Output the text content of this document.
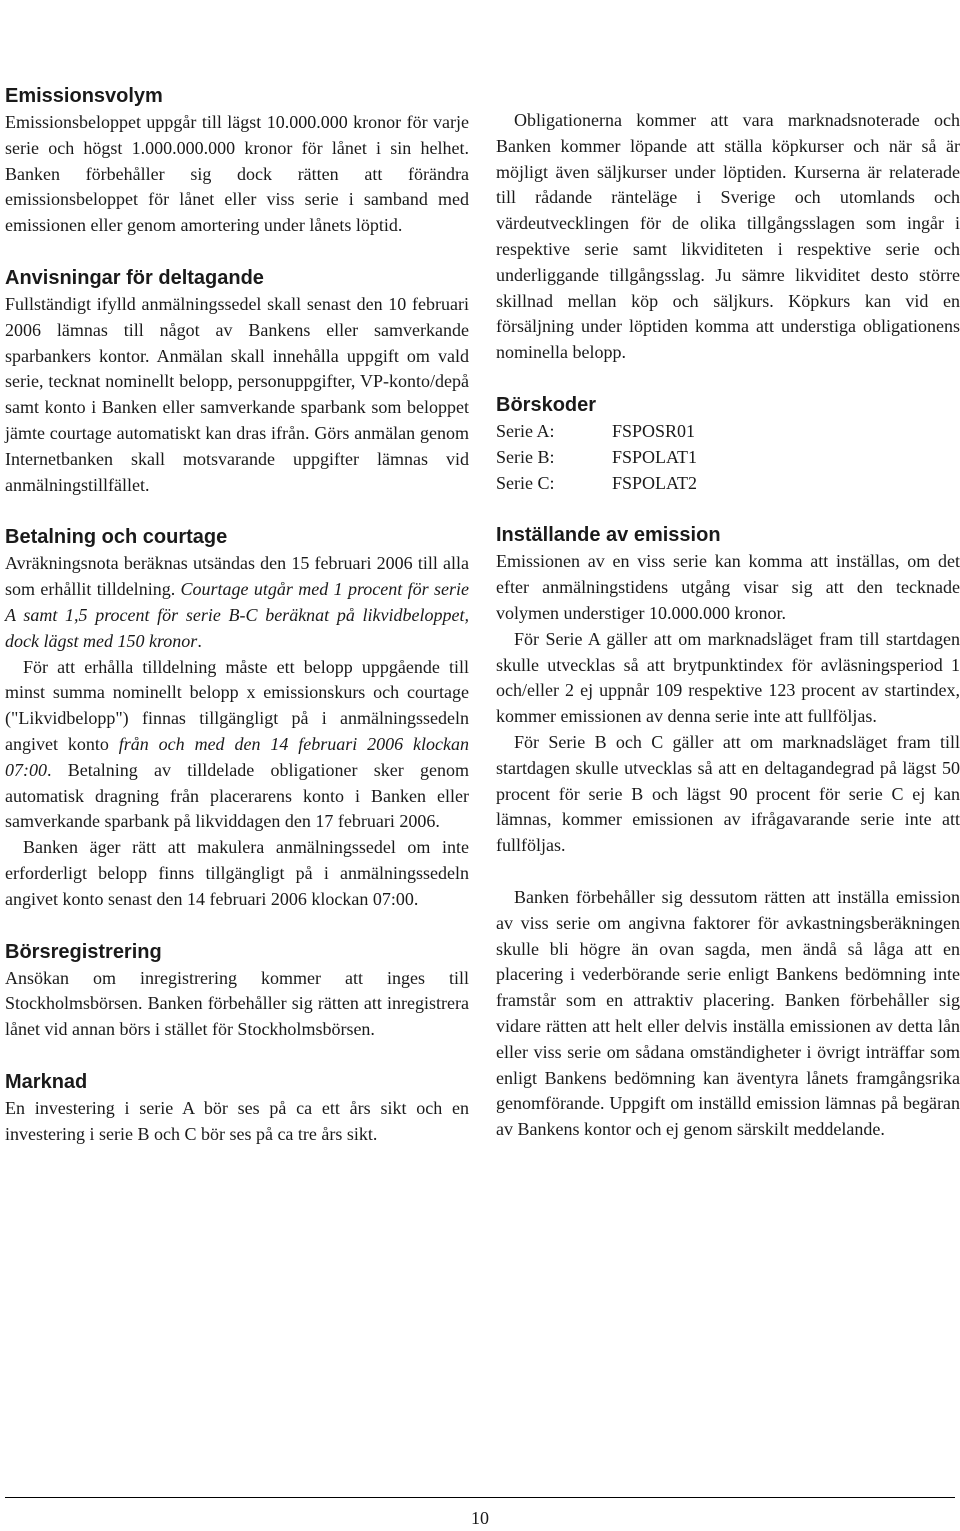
Emissionsvolym

Emissionsbeloppet uppgår till lägst 10.000.000 kronor för varje serie och högst 1.000.000.000 kronor för lånet i sin helhet. Banken förbehåller sig dock rätten att förändra emissionsbeloppet för lånet eller viss serie i samband med emissionen eller genom amortering under lånets löptid.

Anvisningar för deltagande

Fullständigt ifylld anmälningssedel skall senast den 10 februari 2006 lämnas till något av Bankens eller samverkande sparbankers kontor. Anmälan skall innehålla uppgift om vald serie, tecknat nominellt belopp, personuppgifter, VP-konto/depå samt konto i Banken eller samverkande sparbank som beloppet jämte courtage automatiskt kan dras ifrån. Görs anmälan genom Internetbanken skall motsvarande uppgifter lämnas vid anmälningstillfället.

Betalning och courtage

Avräkningsnota beräknas utsändas den 15 februari 2006 till alla som erhållit tilldelning. Courtage utgår med 1 procent för serie A samt 1,5 procent för serie B-C beräknat på likvidbeloppet, dock lägst med 150 kronor.

För att erhålla tilldelning måste ett belopp uppgående till minst summa nominellt belopp x emissionskurs och courtage ("Likvidbelopp") finnas tillgängligt på i anmälningssedeln angivet konto från och med den 14 februari 2006 klockan 07:00. Betalning av tilldelade obligationer sker genom automatisk dragning från placerarens konto i Banken eller samverkande sparbank på likviddagen den 17 februari 2006.

Banken äger rätt att makulera anmälningssedel om inte erforderligt belopp finns tillgängligt på i anmälningssedeln angivet konto senast den 14 februari 2006 klockan 07:00.

Börsregistrering

Ansökan om inregistrering kommer att inges till Stockholmsbörsen. Banken förbehåller sig rätten att inregistrera lånet vid annan börs i stället för Stockholmsbörsen.

Marknad

En investering i serie A bör ses på ca ett års sikt och en investering i serie B och C bör ses på ca tre års sikt.

Obligationerna kommer att vara marknadsnoterade och Banken kommer löpande att ställa köpkurser och när så är möjligt även säljkurser under löptiden. Kurserna är relaterade till rådande ränteläge i Sverige och utomlands och värdeutvecklingen för de olika tillgångsslagen som ingår i respektive serie samt likviditeten i respektive serie och underliggande tillgångsslag. Ju sämre likviditet desto större skillnad mellan köp och säljkurs. Köpkurs kan vid en försäljning under löptiden komma att understiga obligationens nominella belopp.

Börskoder
Serie A:	FSPOSR01
Serie B:	FSPOLAT1
Serie C:	FSPOLAT2
Inställande av emission

Emissionen av en viss serie kan komma att inställas, om det efter anmälningstidens utgång visar sig att den tecknade volymen understiger 10.000.000 kronor.

För Serie A gäller att om marknadsläget fram till startdagen skulle utvecklas så att brytpunktindex för avläsningsperiod 1 och/eller 2 ej uppnår 109 respektive 123 procent av startindex, kommer emissionen av denna serie inte att fullföljas.

För Serie B och C gäller att om marknadsläget fram till startdagen skulle utvecklas så att en deltagandegrad på lägst 50 procent för serie B och lägst 90 procent för serie C ej kan lämnas, kommer emissionen av ifrågavarande serie inte att fullföljas.

Banken förbehåller sig dessutom rätten att inställa emission av viss serie om angivna faktorer för avkastningsberäkningen skulle bli högre än ovan sagda, men ändå så låga att en placering i vederbörande serie enligt Bankens bedömning inte framstår som en attraktiv placering. Banken förbehåller sig vidare rätten att helt eller delvis inställa emissionen av detta lån eller viss serie om sådana omständigheter i övrigt inträffar som enligt Bankens bedömning kan äventyra lånets framgångsrika genomförande. Uppgift om inställd emission lämnas på begäran av Bankens kontor och ej genom särskilt meddelande.

10
